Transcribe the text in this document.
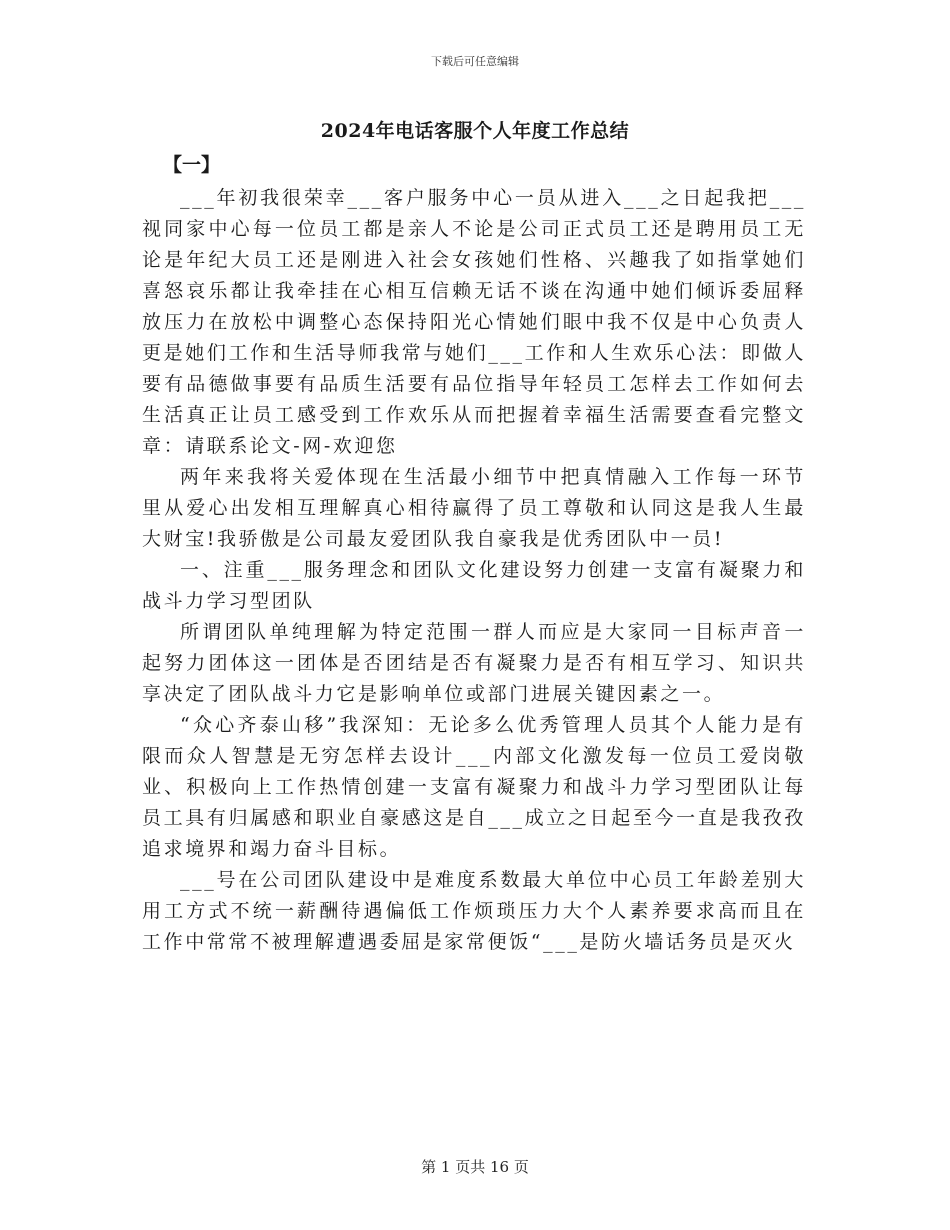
下载后可任意编辑
2024年电话客服个人年度工作总结
【一】

___年初我很荣幸___客户服务中心一员从进入___之日起我把___视同家中心每一位员工都是亲人不论是公司正式员工还是聘用员工无论是年纪大员工还是刚进入社会女孩她们性格、兴趣我了如指掌她们喜怒哀乐都让我牵挂在心相互信赖无话不谈在沟通中她们倾诉委屈释放压力在放松中调整心态保持阳光心情她们眼中我不仅是中心负责人更是她们工作和生活导师我常与她们___工作和人生欢乐心法：即做人要有品德做事要有品质生活要有品位指导年轻员工怎样去工作如何去生活真正让员工感受到工作欢乐从而把握着幸福生活需要查看完整文章：请联系论文-网-欢迎您

两年来我将关爱体现在生活最小细节中把真情融入工作每一环节里从爱心出发相互理解真心相待赢得了员工尊敬和认同这是我人生最大财宝!我骄傲是公司最友爱团队我自豪我是优秀团队中一员!

一、注重___服务理念和团队文化建设努力创建一支富有凝聚力和战斗力学习型团队

所谓团队单纯理解为特定范围一群人而应是大家同一目标声音一起努力团体这一团体是否团结是否有凝聚力是否有相互学习、知识共享决定了团队战斗力它是影响单位或部门进展关键因素之一。

“众心齐泰山移”我深知：无论多么优秀管理人员其个人能力是有限而众人智慧是无穷怎样去设计___内部文化激发每一位员工爱岗敬业、积极向上工作热情创建一支富有凝聚力和战斗力学习型团队让每员工具有归属感和职业自豪感这是自___成立之日起至今一直是我孜孜追求境界和竭力奋斗目标。

___号在公司团队建设中是难度系数最大单位中心员工年龄差别大用工方式不统一薪酬待遇偏低工作烦琐压力大个人素养要求高而且在工作中常常不被理解遭遇委屈是家常便饭“___是防火墙话务员是灭火

第 1 页共 16 页
